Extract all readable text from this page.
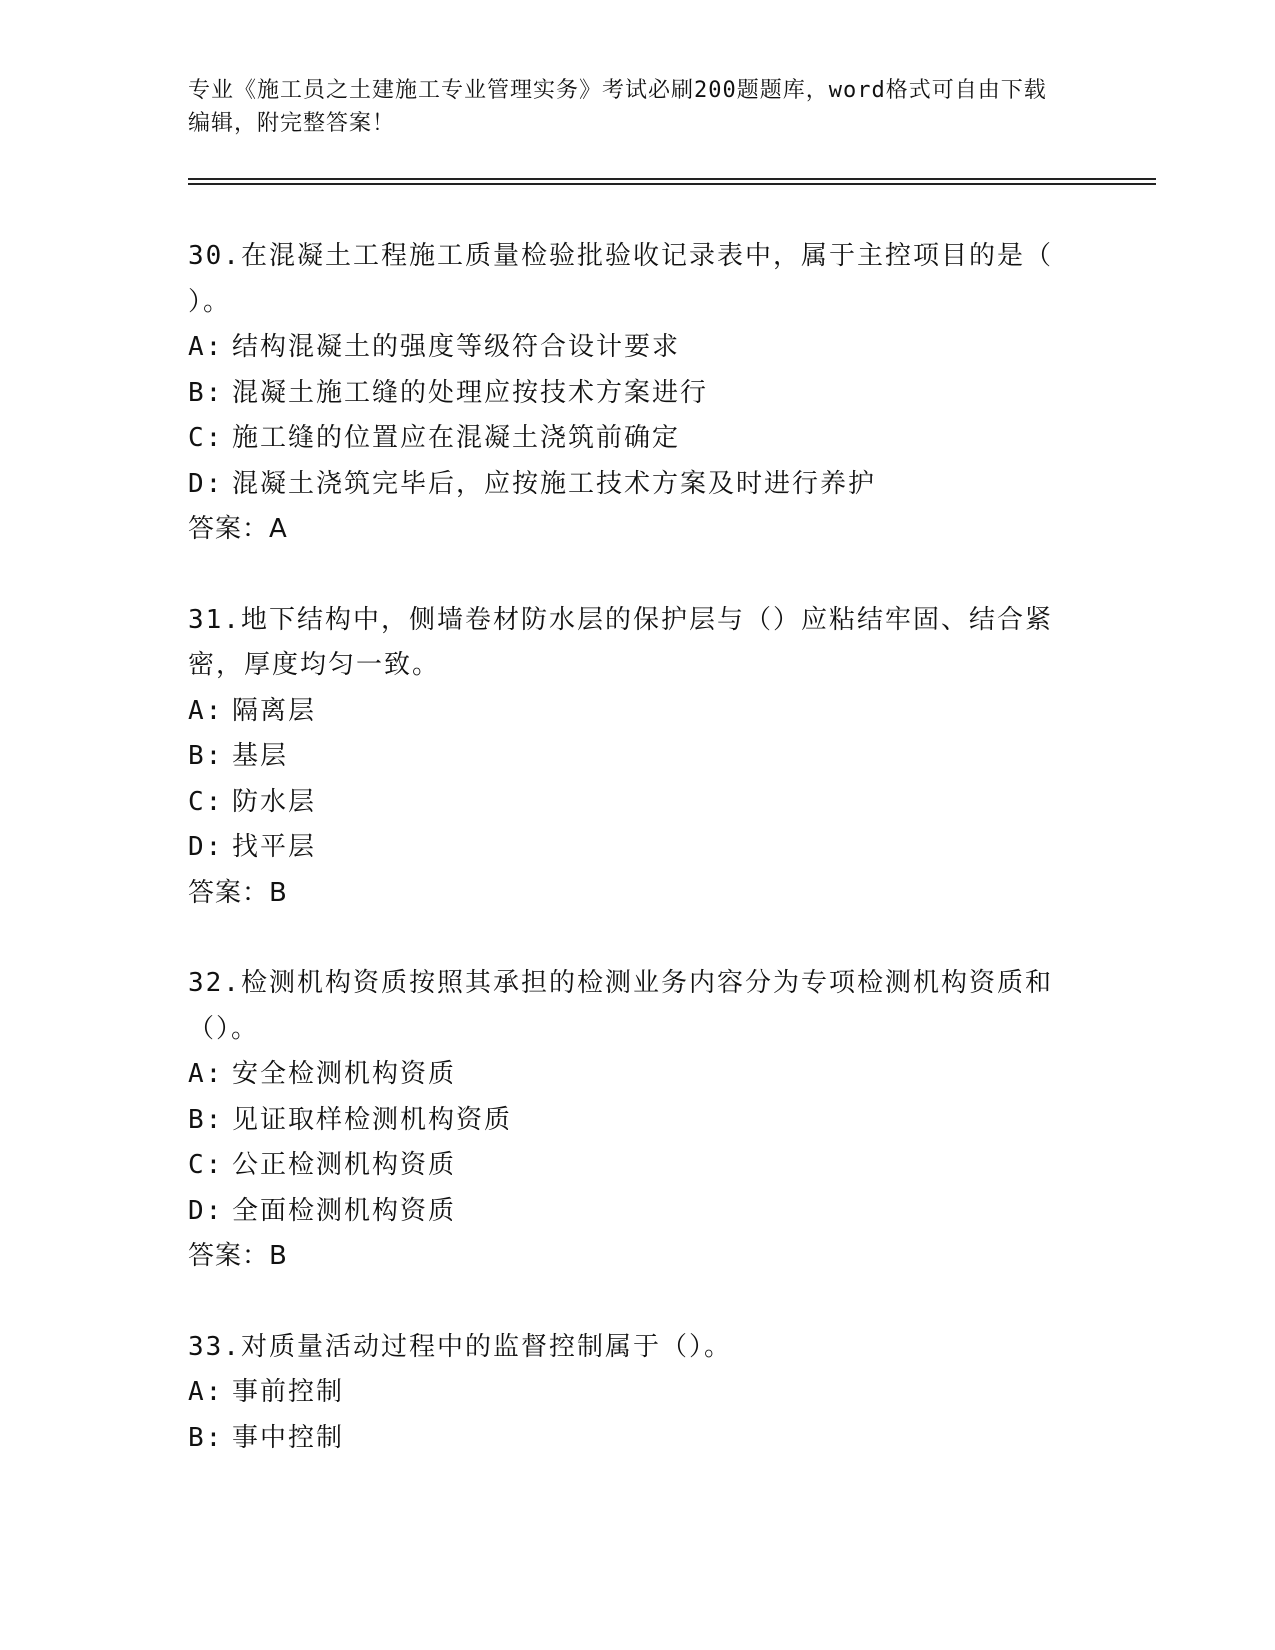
专业《施工员之土建施工专业管理实务》考试必刷200题题库，word格式可自由下载编辑，附完整答案！

30.在混凝土工程施工质量检验批验收记录表中，属于主控项目的是（ ）。

A: 结构混凝土的强度等级符合设计要求

B: 混凝土施工缝的处理应按技术方案进行

C: 施工缝的位置应在混凝土浇筑前确定

D: 混凝土浇筑完毕后，应按施工技术方案及时进行养护

答案：A

31.地下结构中，侧墙卷材防水层的保护层与（）应粘结牢固、结合紧密，厚度均匀一致。

A: 隔离层

B: 基层

C: 防水层

D: 找平层

答案：B

32.检测机构资质按照其承担的检测业务内容分为专项检测机构资质和（）。

A: 安全检测机构资质

B: 见证取样检测机构资质

C: 公正检测机构资质

D: 全面检测机构资质

答案：B

33.对质量活动过程中的监督控制属于（）。

A: 事前控制

B: 事中控制
